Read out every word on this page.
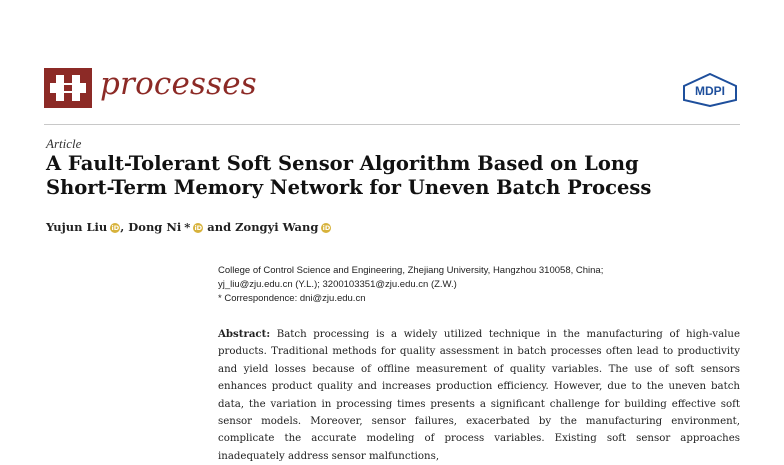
processes	MDPI
Article
A Fault-Tolerant Soft Sensor Algorithm Based on Long
Short-Term Memory Network for Uneven Batch Process
Yujun Liu iD, Dong Ni * iD and Zongyi Wang iD
College of Control Science and Engineering, Zhejiang University, Hangzhou 310058, China;
yj_liu@zju.edu.cn (Y.L.); 3200103351@zju.edu.cn (Z.W.)
* Correspondence: dni@zju.edu.cn
Abstract: Batch processing is a widely utilized technique in the manufacturing of high-value products. Traditional methods for quality assessment in batch processes often lead to productivity and yield losses because of offline measurement of quality variables. The use of soft sensors enhances product quality and increases production efficiency. However, due to the uneven batch data, the variation in processing times presents a significant challenge for building effective soft sensor models. Moreover, sensor failures, exacerbated by the manufacturing environment, complicate the accurate modeling of process variables. Existing soft sensor approaches inadequately address sensor malfunctions,
